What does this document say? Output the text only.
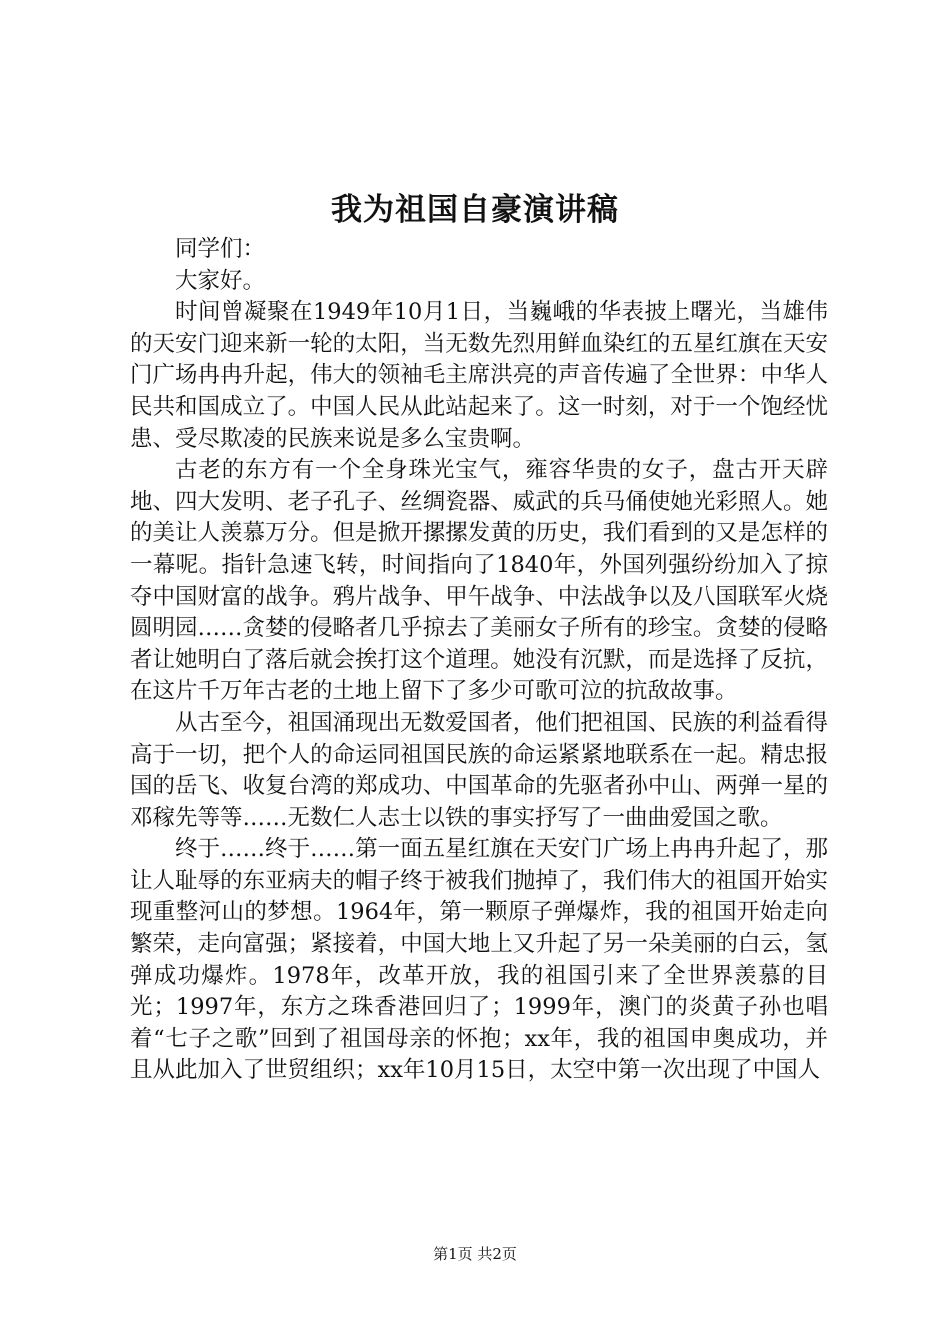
我为祖国自豪演讲稿

同学们：

大家好。

时间曾凝聚在1949年10月1日，当巍峨的华表披上曙光，当雄伟的天安门迎来新一轮的太阳，当无数先烈用鲜血染红的五星红旗在天安门广场冉冉升起，伟大的领袖毛主席洪亮的声音传遍了全世界：中华人民共和国成立了。中国人民从此站起来了。这一时刻，对于一个饱经忧患、受尽欺凌的民族来说是多么宝贵啊。

古老的东方有一个全身珠光宝气，雍容华贵的女子，盘古开天辟地、四大发明、老子孔子、丝绸瓷器、威武的兵马俑使她光彩照人。她的美让人羡慕万分。但是掀开摞摞发黄的历史，我们看到的又是怎样的一幕呢。指针急速飞转，时间指向了1840年，外国列强纷纷加入了掠夺中国财富的战争。鸦片战争、甲午战争、中法战争以及八国联军火烧圆明园……贪婪的侵略者几乎掠去了美丽女子所有的珍宝。贪婪的侵略者让她明白了落后就会挨打这个道理。她没有沉默，而是选择了反抗，在这片千万年古老的土地上留下了多少可歌可泣的抗敌故事。

从古至今，祖国涌现出无数爱国者，他们把祖国、民族的利益看得高于一切，把个人的命运同祖国民族的命运紧紧地联系在一起。精忠报国的岳飞、收复台湾的郑成功、中国革命的先驱者孙中山、两弹一星的邓稼先等等……无数仁人志士以铁的事实抒写了一曲曲爱国之歌。

终于……终于……第一面五星红旗在天安门广场上冉冉升起了，那让人耻辱的东亚病夫的帽子终于被我们抛掉了，我们伟大的祖国开始实现重整河山的梦想。1964年，第一颗原子弹爆炸，我的祖国开始走向繁荣，走向富强；紧接着，中国大地上又升起了另一朵美丽的白云，氢弹成功爆炸。1978年，改革开放，我的祖国引来了全世界羡慕的目光；1997年，东方之珠香港回归了；1999年，澳门的炎黄子孙也唱着“七子之歌”回到了祖国母亲的怀抱；xx年，我的祖国申奥成功，并且从此加入了世贸组织；xx年10月15日，太空中第一次出现了中国人

第1页 共2页
